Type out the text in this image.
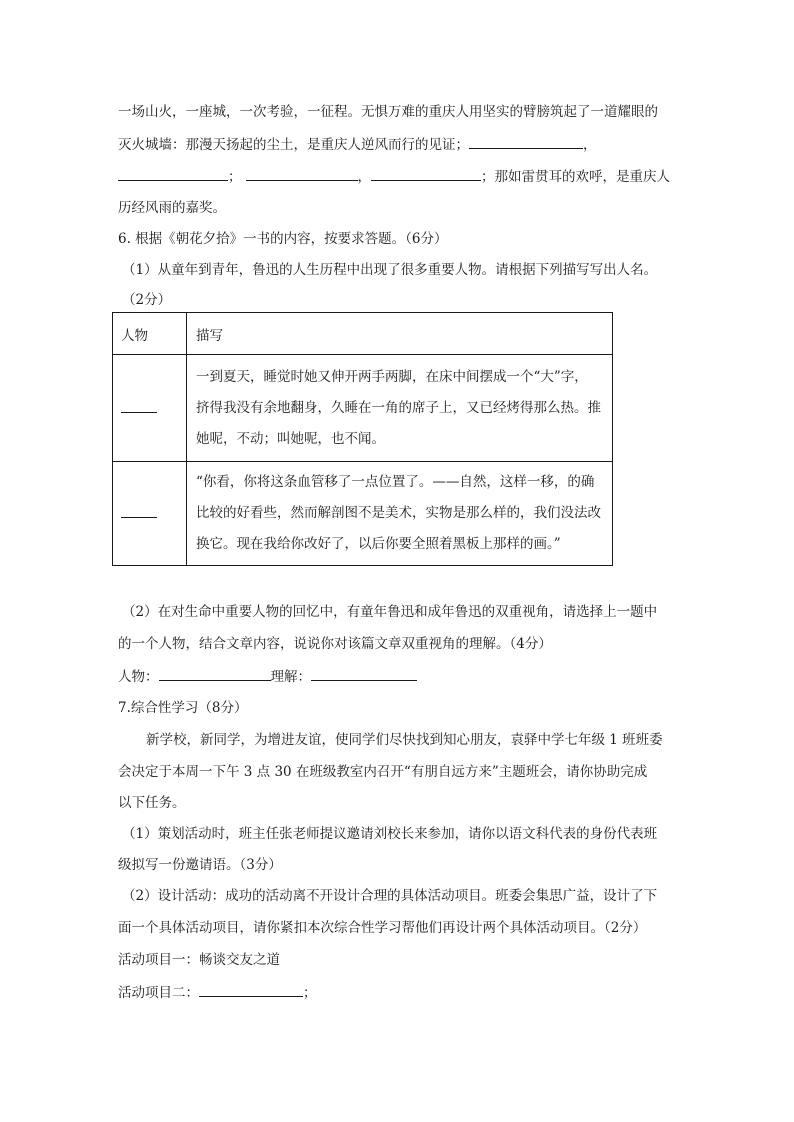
一场山火，一座城，一次考验，一征程。无惧万难的重庆人用坚实的臂膀筑起了一道耀眼的
灭火城墙：那漫天扬起的尘土，是重庆人逆风而行的见证；	，
；	，	；那如雷贯耳的欢呼，是重庆人
历经风雨的嘉奖。
6. 根据《朝花夕拾》一书的内容，按要求答题。（6分）
（1）从童年到青年，鲁迅的人生历程中出现了很多重要人物。请根据下列描写写出人名。
（2分）
人物	描写

	一到夏天，睡觉时她又伸开两手两脚，在床中间摆成一个“大”字，
挤得我没有余地翻身，久睡在一角的席子上，又已经烤得那么热。推
她呢，不动；叫她呢，也不闻。

	“你看，你将这条血管移了一点位置了。——自然，这样一移，的确
比较的好看些，然而解剖图不是美术，实物是那么样的，我们没法改
换它。现在我给你改好了，以后你要全照着黑板上那样的画。”
（2）在对生命中重要人物的回忆中，有童年鲁迅和成年鲁迅的双重视角，请选择上一题中
的一个人物，结合文章内容，说说你对该篇文章双重视角的理解。（4分）
人物：	理解：
7.综合性学习（8分）
新学校，新同学，为增进友谊，使同学们尽快找到知心朋友，袁驿中学七年级 1 班班委
会决定于本周一下午 3 点 30 在班级教室内召开“有朋自远方来”主题班会，请你协助完成
以下任务。
（1）策划活动时，班主任张老师提议邀请刘校长来参加，请你以语文科代表的身份代表班
级拟写一份邀请语。（3分）
（2）设计活动：成功的活动离不开设计合理的具体活动项目。班委会集思广益，设计了下
面一个具体活动项目，请你紧扣本次综合性学习帮他们再设计两个具体活动项目。（2分）
活动项目一：畅谈交友之道
活动项目二：	；
